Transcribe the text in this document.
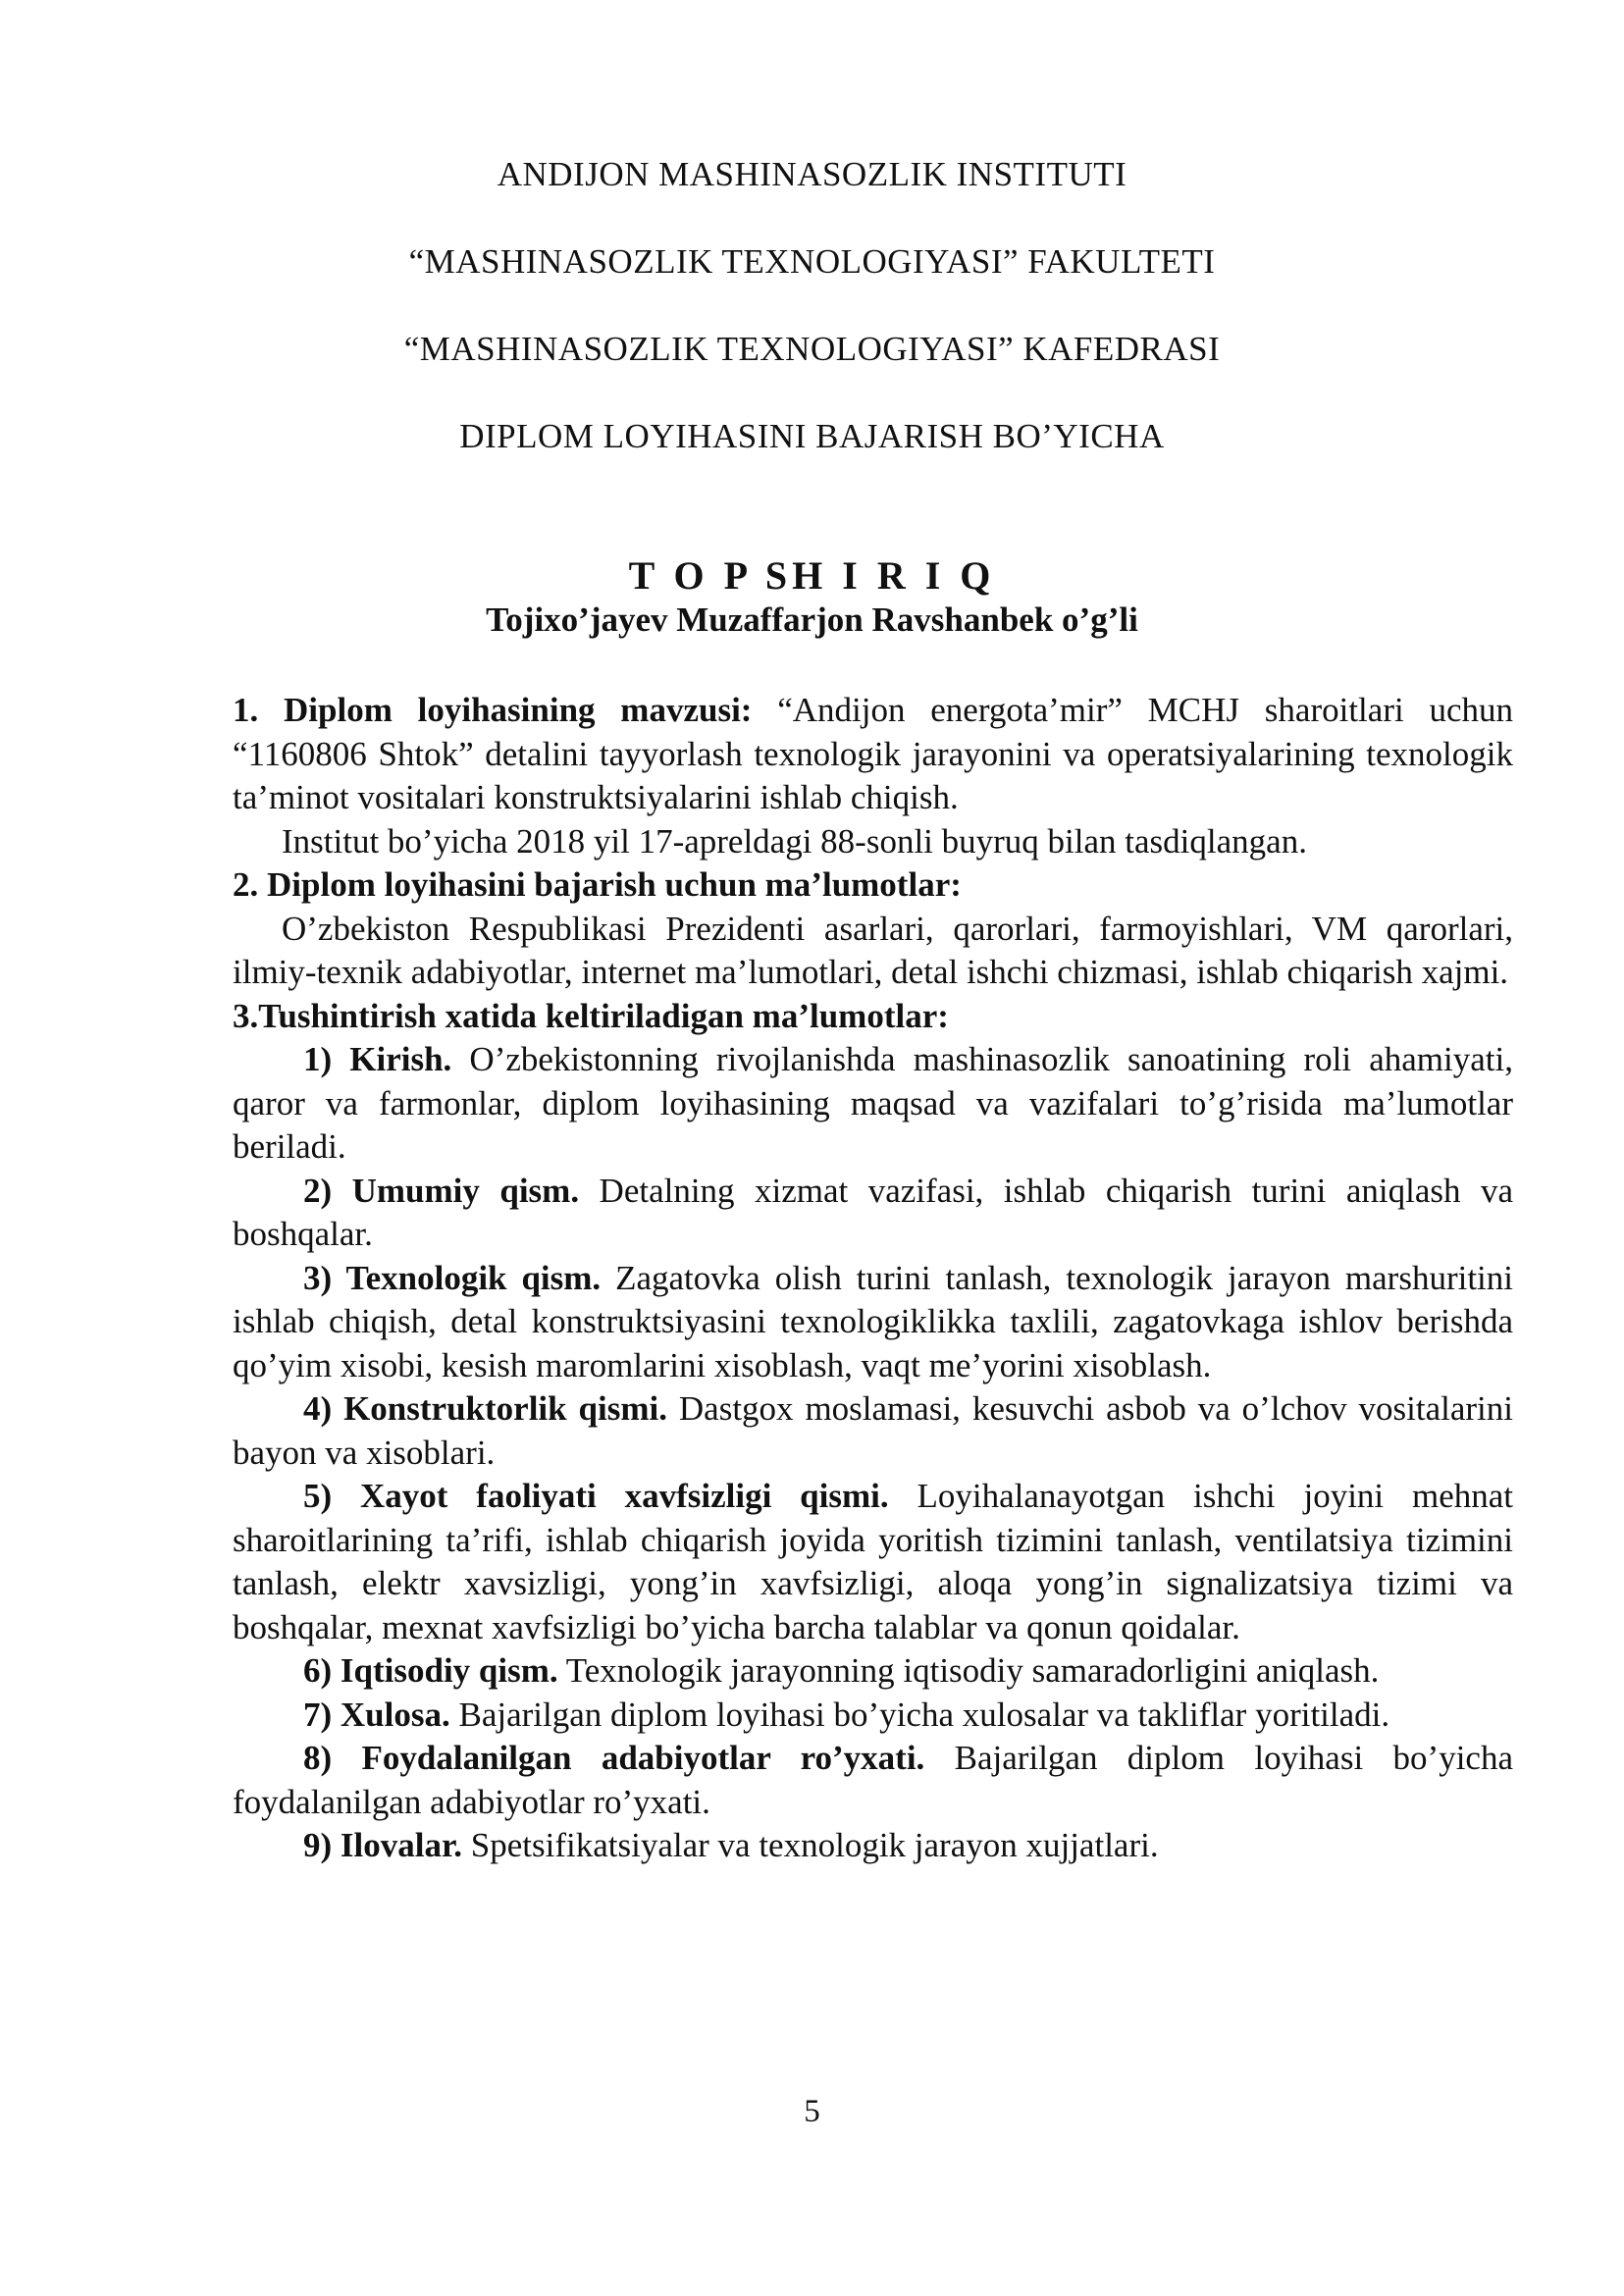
ANDIJON MASHINASOZLIK INSTITUTI
“MASHINASOZLIK TEXNOLOGIYASI” FAKULTETI
“MASHINASOZLIK TEXNOLOGIYASI” KAFEDRASI
DIPLOM LOYIHASINI BAJARISH BO’YICHA
T O P SH I R I Q
Tojixo’jayev Muzaffarjon Ravshanbek o’g’li

1. Diplom loyihasining mavzusi: “Andijon energota’mir” MCHJ sharoitlari uchun “1160806 Shtok” detalini tayyorlash texnologik jarayonini va operatsiyalarining texnologik ta’minot vositalari konstruktsiyalarini ishlab chiqish.

Institut bo’yicha 2018 yil 17-apreldagi 88-sonli buyruq bilan tasdiqlangan.

2. Diplom loyihasini bajarish uchun ma’lumotlar:

O’zbekiston Respublikasi Prezidenti asarlari, qarorlari, farmoyishlari, VM qarorlari, ilmiy-texnik adabiyotlar, internet ma’lumotlari, detal ishchi chizmasi, ishlab chiqarish xajmi.

3.Tushintirish xatida keltiriladigan ma’lumotlar:

1) Kirish. O’zbekistonning rivojlanishda mashinasozlik sanoatining roli ahamiyati, qaror va farmonlar, diplom loyihasining maqsad va vazifalari to’g’risida ma’lumotlar beriladi.

2) Umumiy qism. Detalning xizmat vazifasi, ishlab chiqarish turini aniqlash va boshqalar.

3) Texnologik qism. Zagatovka olish turini tanlash, texnologik jarayon marshuritini ishlab chiqish, detal konstruktsiyasini texnologiklikka taxlili, zagatovkaga ishlov berishda qo’yim xisobi, kesish maromlarini xisoblash, vaqt me’yorini xisoblash.

4) Konstruktorlik qismi. Dastgox moslamasi, kesuvchi asbob va o’lchov vositalarini bayon va xisoblari.

5) Xayot faoliyati xavfsizligi qismi. Loyihalanayotgan ishchi joyini mehnat sharoitlarining ta’rifi, ishlab chiqarish joyida yoritish tizimini tanlash, ventilatsiya tizimini tanlash, elektr xavsizligi, yong’in xavfsizligi, aloqa yong’in signalizatsiya tizimi va boshqalar, mexnat xavfsizligi bo’yicha barcha talablar va qonun qoidalar.

6) Iqtisodiy qism. Texnologik jarayonning iqtisodiy samaradorligini aniqlash.

7) Xulosa. Bajarilgan diplom loyihasi bo’yicha xulosalar va takliflar yoritiladi.

8) Foydalanilgan adabiyotlar ro’yxati. Bajarilgan diplom loyihasi bo’yicha foydalanilgan adabiyotlar ro’yxati.

9) Ilovalar. Spetsifikatsiyalar va texnologik jarayon xujjatlari.

5
